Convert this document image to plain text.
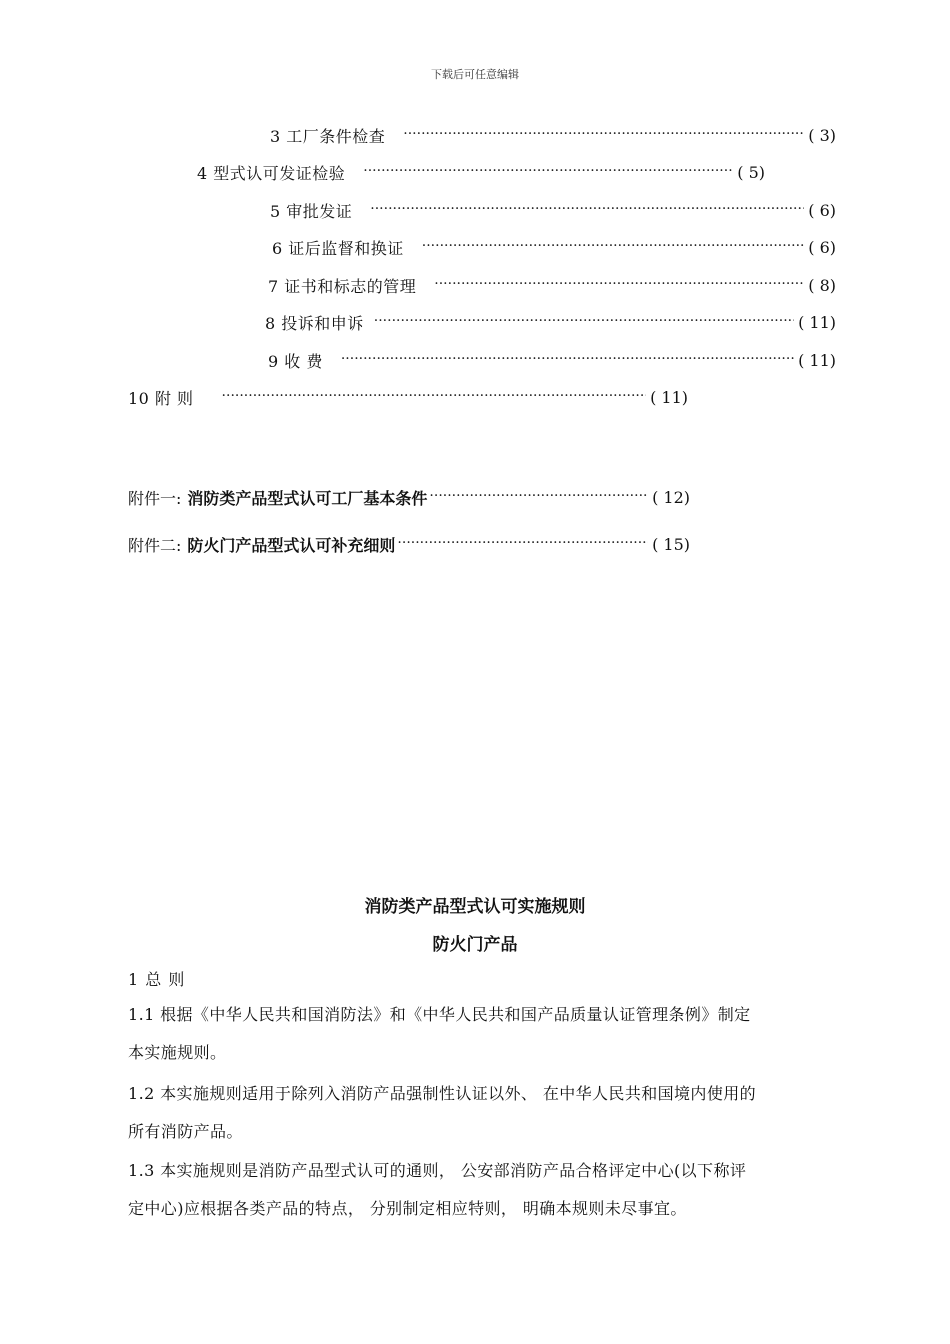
下载后可任意编辑
3 工厂条件检查 ·····	( 3)
4 型式认可发证检验 ·····	( 5)
5 审批发证 ·····	( 6)
6 证后监督和换证 ·····	( 6)
7 证书和标志的管理 ·····	( 8)
8 投诉和申诉 ·····	( 11)
9 收 费 ·····	( 11)
10 附 则 ·····	( 11)
附件一: 消防类产品型式认可工厂基本条件 ·····	( 12)
附件二: 防火门产品型式认可补充细则 ·····	( 15)
消防类产品型式认可实施规则
防火门产品
1 总 则
1.1 根据《中华人民共和国消防法》和《中华人民共和国产品质量认证管理条例》制定
本实施规则。
1.2 本实施规则适用于除列入消防产品强制性认证以外、 在中华人民共和国境内使用的
所有消防产品。
1.3 本实施规则是消防产品型式认可的通则， 公安部消防产品合格评定中心(以下称评
定中心)应根据各类产品的特点， 分别制定相应特则， 明确本规则未尽事宜。
